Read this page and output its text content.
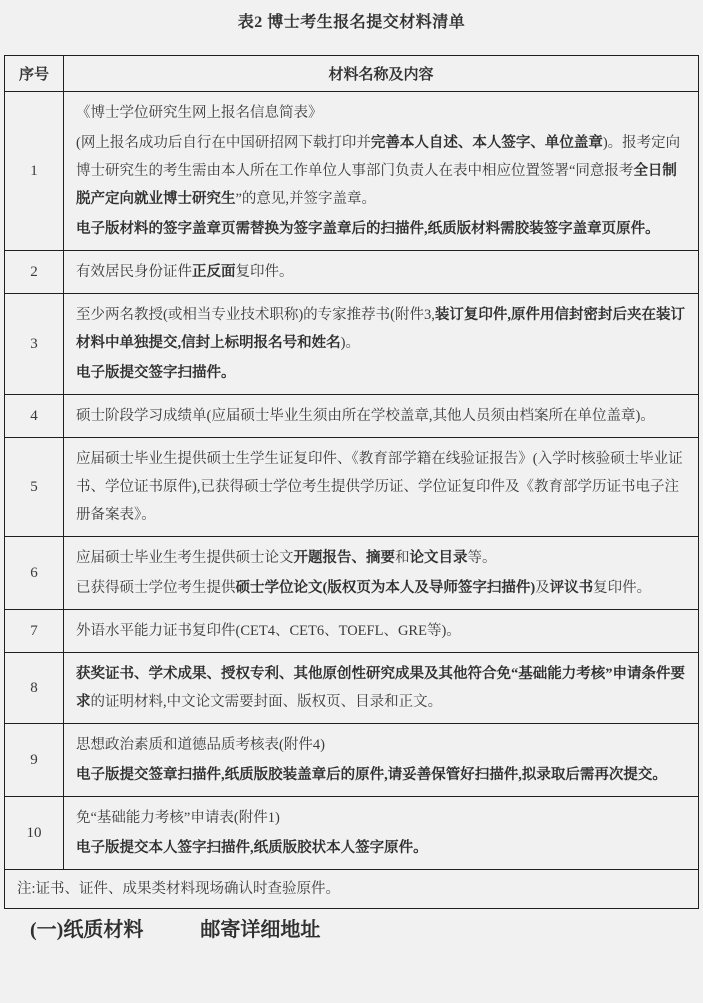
表2 博士考生报名提交材料清单
序号	材料名称及内容
1	《博士学位研究生网上报名信息简表》

(网上报名成功后自行在中国研招网下载打印并完善本人自述、本人签字、单位盖章)。报考定向博士研究生的考生需由本人所在工作单位人事部门负责人在表中相应位置签署“同意报考全日制脱产定向就业博士研究生”的意见,并签字盖章。

电子版材料的签字盖章页需替换为签字盖章后的扫描件,纸质版材料需胶装签字盖章页原件。

2	有效居民身份证件正反面复印件。

3	至少两名教授(或相当专业技术职称)的专家推荐书(附件3,装订复印件,原件用信封密封后夹在装订材料中单独提交,信封上标明报名号和姓名)。

电子版提交签字扫描件。

4	硕士阶段学习成绩单(应届硕士毕业生须由所在学校盖章,其他人员须由档案所在单位盖章)。

5	应届硕士毕业生提供硕士生学生证复印件、《教育部学籍在线验证报告》(入学时核验硕士毕业证书、学位证书原件),已获得硕士学位考生提供学历证、学位证复印件及《教育部学历证书电子注册备案表》。

6	应届硕士毕业生考生提供硕士论文开题报告、摘要和论文目录等。

已获得硕士学位考生提供硕士学位论文(版权页为本人及导师签字扫描件)及评议书复印件。

7	外语水平能力证书复印件(CET4、CET6、TOEFL、GRE等)。

8	获奖证书、学术成果、授权专利、其他原创性研究成果及其他符合免“基础能力考核”申请条件要求的证明材料,中文论文需要封面、版权页、目录和正文。

9	思想政治素质和道德品质考核表(附件4)

电子版提交签章扫描件,纸质版胶装盖章后的原件,请妥善保管好扫描件,拟录取后需再次提交。

10	免“基础能力考核”申请表(附件1)

电子版提交本人签字扫描件,纸质版胶状本人签字原件。

注:证书、证件、成果类材料现场确认时查验原件。	
(一)纸质材料	邮寄详细地址
